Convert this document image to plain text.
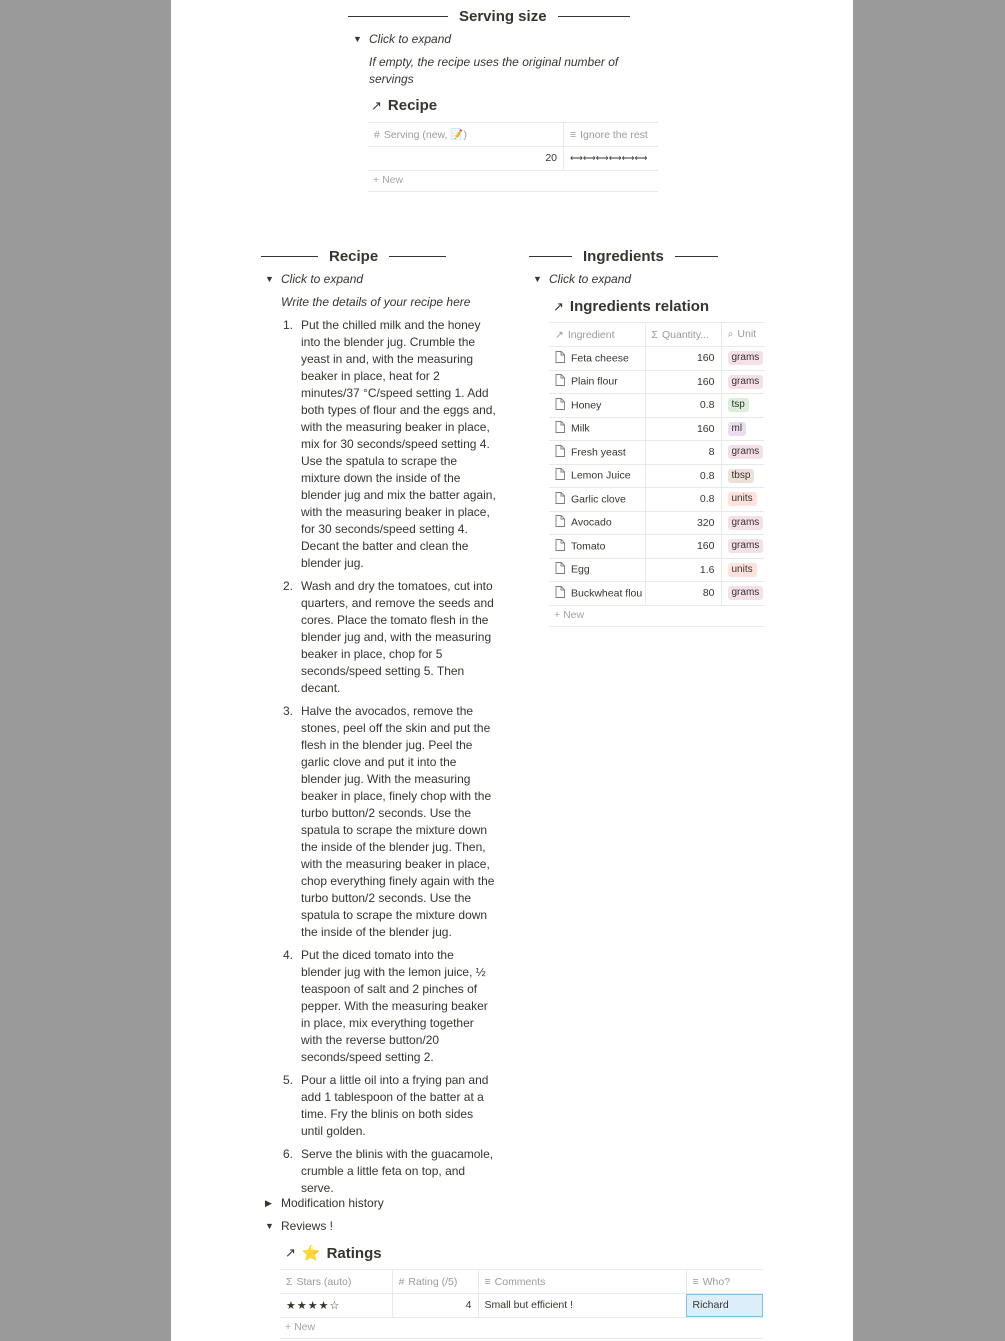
Serving size
▼ Click to expand
If empty, the recipe uses the original number of servings
↗ Recipe
# Serving (new, 📝)	≡ Ignore the rest
20	⟷⟷⟷⟷⟷⟷
+ New
Recipe
▼ Click to expand
Write the details of your recipe here
1. Put the chilled milk and the honey into the blender jug. Crumble the yeast in and, with the measuring beaker in place, heat for 2 minutes/37 °C/speed setting 1. Add both types of flour and the eggs and, with the measuring beaker in place, mix for 30 seconds/speed setting 4. Use the spatula to scrape the mixture down the inside of the blender jug and mix the batter again, with the measuring beaker in place, for 30 seconds/speed setting 4. Decant the batter and clean the blender jug.
2. Wash and dry the tomatoes, cut into quarters, and remove the seeds and cores. Place the tomato flesh in the blender jug and, with the measuring beaker in place, chop for 5 seconds/speed setting 5. Then decant.
3. Halve the avocados, remove the stones, peel off the skin and put the flesh in the blender jug. Peel the garlic clove and put it into the blender jug. With the measuring beaker in place, finely chop with the turbo button/2 seconds. Use the spatula to scrape the mixture down the inside of the blender jug. Then, with the measuring beaker in place, chop everything finely again with the turbo button/2 seconds. Use the spatula to scrape the mixture down the inside of the blender jug.
4. Put the diced tomato into the blender jug with the lemon juice, ½ teaspoon of salt and 2 pinches of pepper. With the measuring beaker in place, mix everything together with the reverse button/20 seconds/speed setting 2.
5. Pour a little oil into a frying pan and add 1 tablespoon of the batter at a time. Fry the blinis on both sides until golden.
6. Serve the blinis with the guacamole, crumble a little feta on top, and serve.
Ingredients
▼ Click to expand
↗ Ingredients relation
↗ Ingredient	Σ Quantity...	⌕ Unit
Feta cheese	160	grams
Plain flour	160	grams
Honey	0.8	tsp
Milk	160	ml
Fresh yeast	8	grams
Lemon Juice	0.8	tbsp
Garlic clove	0.8	units
Avocado	320	grams
Tomato	160	grams
Egg	1.6	units
Buckwheat flou	80	grams
+ New
▶ Modification history
▼ Reviews !
↗ ⭐ Ratings
Σ Stars (auto)	# Rating (/5)	≡ Comments	≡ Who?
★★★★☆	4	Small but efficient !	Richard
+ New
